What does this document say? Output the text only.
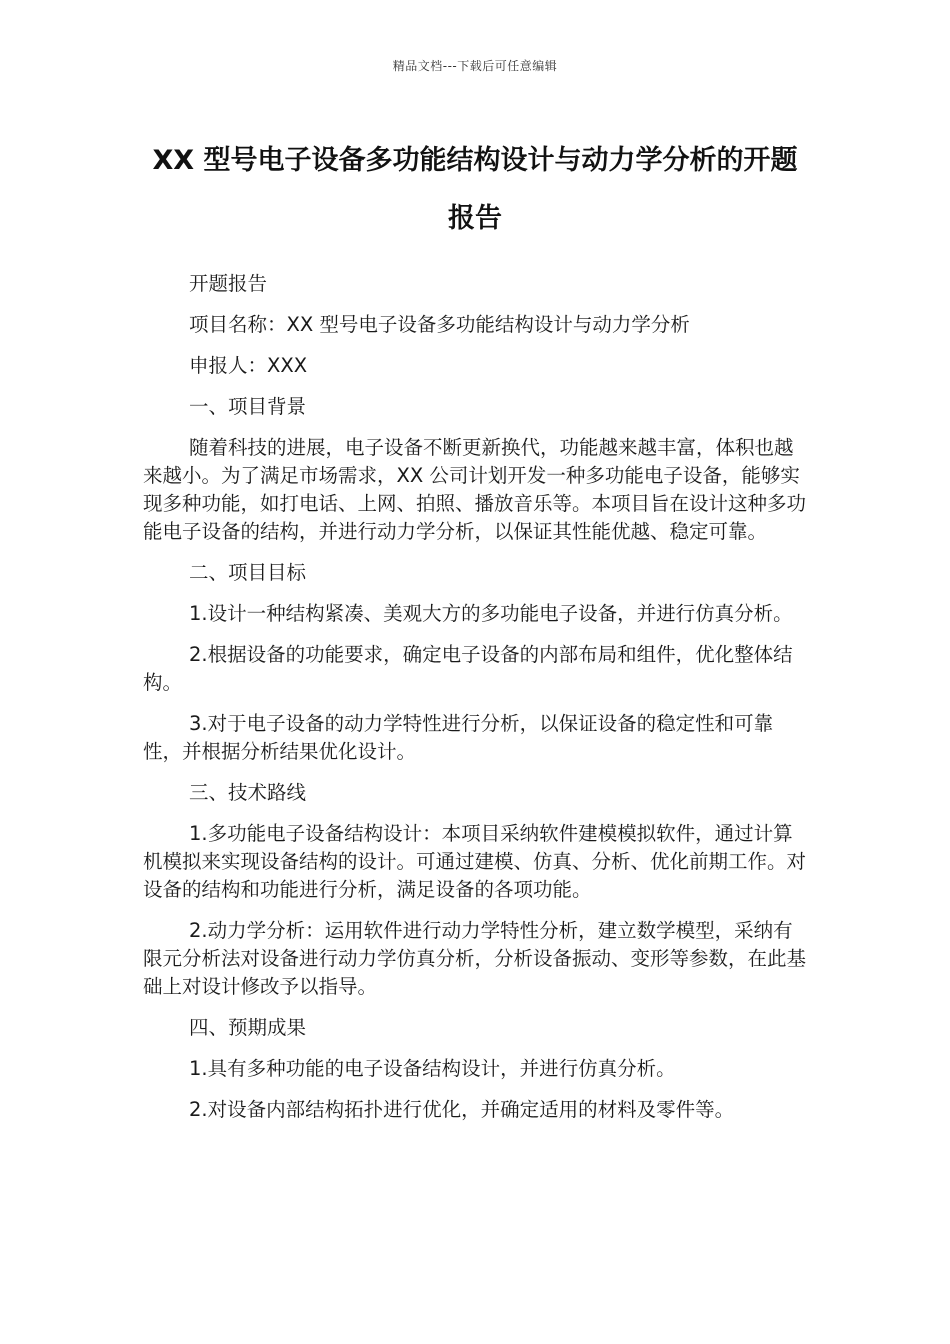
精品文档---下载后可任意编辑
XX 型号电子设备多功能结构设计与动力学分析的开题报告

开题报告

项目名称：XX 型号电子设备多功能结构设计与动力学分析

申报人：XXX

一、项目背景

随着科技的进展，电子设备不断更新换代，功能越来越丰富，体积也越来越小。为了满足市场需求，XX 公司计划开发一种多功能电子设备，能够实现多种功能，如打电话、上网、拍照、播放音乐等。本项目旨在设计这种多功能电子设备的结构，并进行动力学分析，以保证其性能优越、稳定可靠。

二、项目目标

1.设计一种结构紧凑、美观大方的多功能电子设备，并进行仿真分析。

2.根据设备的功能要求，确定电子设备的内部布局和组件，优化整体结构。

3.对于电子设备的动力学特性进行分析，以保证设备的稳定性和可靠性，并根据分析结果优化设计。

三、技术路线

1.多功能电子设备结构设计：本项目采纳软件建模模拟软件，通过计算机模拟来实现设备结构的设计。可通过建模、仿真、分析、优化前期工作。对设备的结构和功能进行分析，满足设备的各项功能。

2.动力学分析：运用软件进行动力学特性分析，建立数学模型，采纳有限元分析法对设备进行动力学仿真分析，分析设备振动、变形等参数，在此基础上对设计修改予以指导。

四、预期成果

1.具有多种功能的电子设备结构设计，并进行仿真分析。

2.对设备内部结构拓扑进行优化，并确定适用的材料及零件等。
